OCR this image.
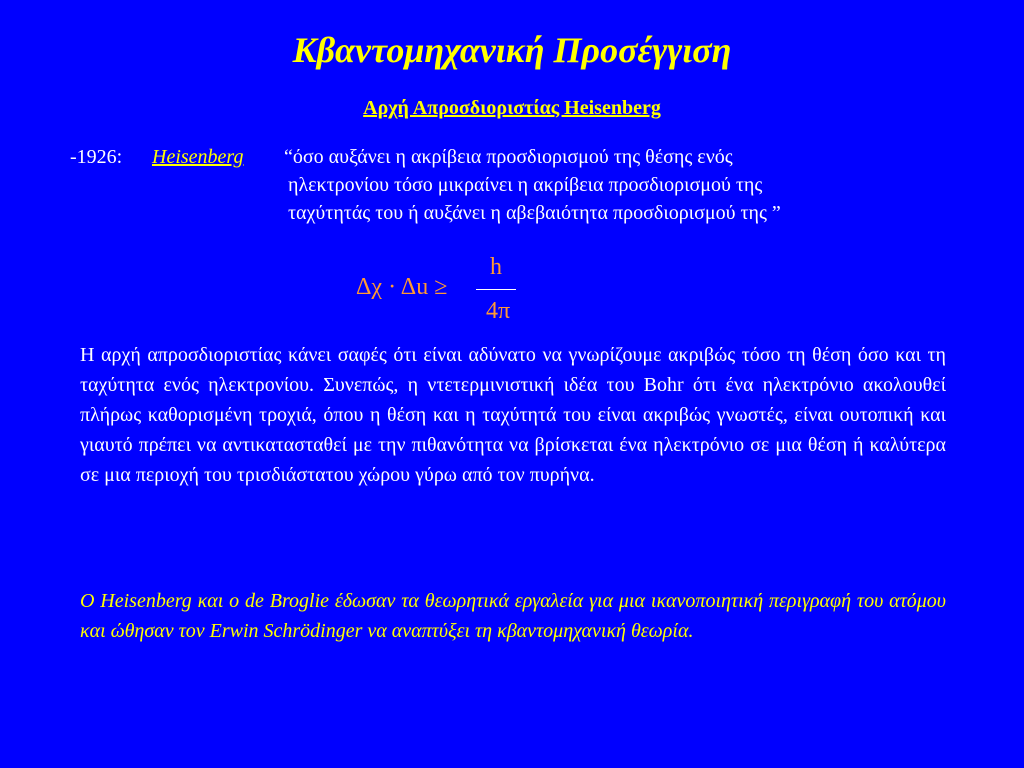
Κβαντομηχανική Προσέγγιση
Αρχή Απροσδιοριστίας Heisenberg
-1926: Heisenberg “όσο αυξάνει η ακρίβεια προσδιορισμού της θέσης ενός
ηλεκτρονίου τόσο μικραίνει η ακρίβεια προσδιορισμού της
ταχύτητάς του ή αυξάνει η αβεβαιότητα προσδιορισμού της ”
Δχ · Δu ≥
h
4π
Η αρχή απροσδιοριστίας κάνει σαφές ότι είναι αδύνατο να γνωρίζουμε ακριβώς τόσο τη θέση όσο και τη ταχύτητα ενός ηλεκτρονίου. Συνεπώς, η ντετερμινιστική ιδέα του Bohr ότι ένα ηλεκτρόνιο ακολουθεί πλήρως καθορισμένη τροχιά, όπου η θέση και η ταχύτητά του είναι ακριβώς γνωστές, είναι ουτοπική και γιαυτό πρέπει να αντικατασταθεί με την πιθανότητα να βρίσκεται ένα ηλεκτρόνιο σε μια θέση ή καλύτερα σε μια περιοχή του τρισδιάστατου χώρου γύρω από τον πυρήνα.
O Heisenberg και ο de Broglie έδωσαν τα θεωρητικά εργαλεία για μια ικανοποιητική περιγραφή του ατόμου και ώθησαν τον Erwin Schrödinger να αναπτύξει τη κβαντομηχανική θεωρία.
